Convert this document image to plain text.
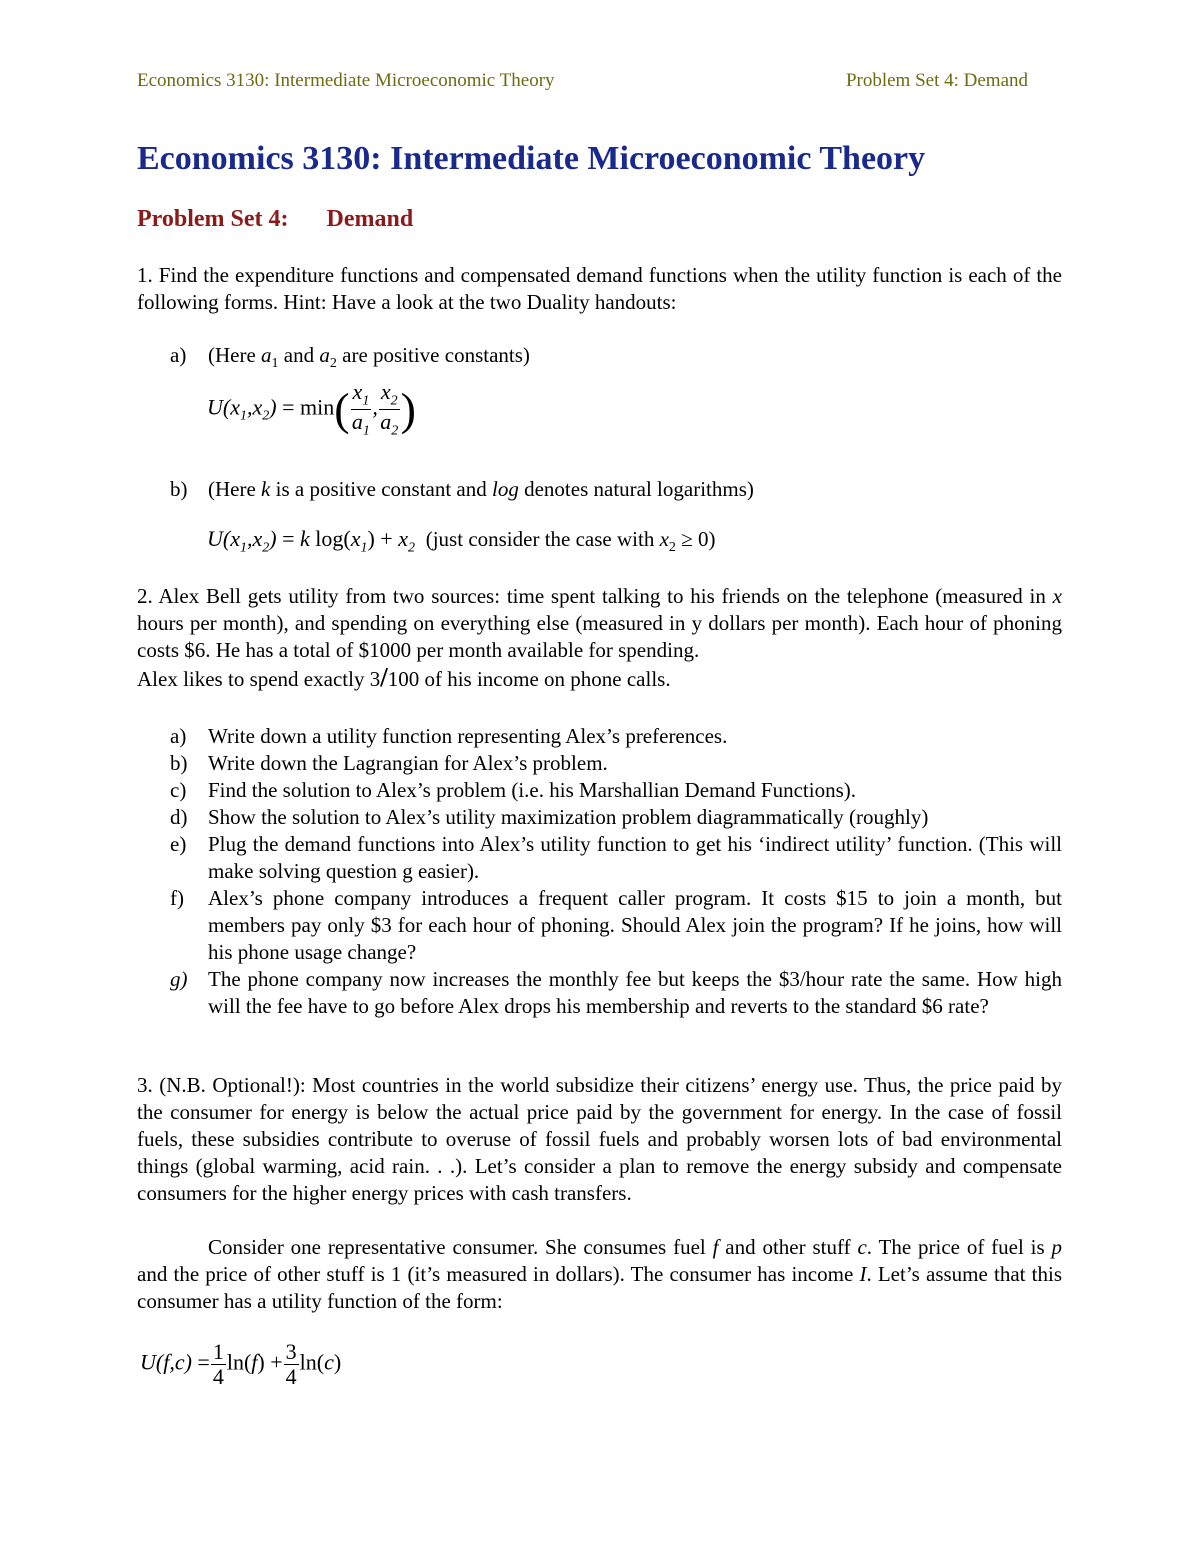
Economics 3130: Intermediate Microeconomic Theory	Problem Set 4: Demand
Economics 3130: Intermediate Microeconomic Theory
Problem Set 4: Demand

1. Find the expenditure functions and compensated demand functions when the utility function is each of the following forms. Hint: Have a look at the two Duality handouts:

a)	(Here $a_1$ and $a_2$ are positive constants)
$U(x_1,x_2) = \min( \frac{x_1}{a_1}$ , $\frac{x_2}{a_2}$ )
b) (Here k is a positive constant and log denotes natural logarithms)
$U(x_1,x_2) = k$ $\log(x_1) + x_2$ (just consider the case with $x_2 \ge 0$)

2. Alex Bell gets utility from two sources: time spent talking to his friends on the telephone (measured in x hours per month), and spending on everything else (measured in y dollars per month). Each hour of phoning costs $6. He has a total of $1000 per month available for spending.
Alex likes to spend exactly 3/100 of his income on phone calls.

a)	Write down a utility function representing Alex’s preferences.
b) Write down the Lagrangian for Alex’s problem.
c)	Find the solution to Alex’s problem (i.e. his Marshallian Demand Functions).
d) Show the solution to Alex’s utility maximization problem diagrammatically (roughly)
e)	Plug the demand functions into Alex’s utility function to get his ‘indirect utility’ function. (This will make solving question g easier).
f)	Alex’s phone company introduces a frequent caller program. It costs $15 to join a month, but members pay only $3 for each hour of phoning. Should Alex join the program? If he joins, how will his phone usage change?
g) The phone company now increases the monthly fee but keeps the $3/hour rate the same. How high will the fee have to go before Alex drops his membership and reverts to the standard $6 rate?

3. (N.B. Optional!): Most countries in the world subsidize their citizens’ energy use. Thus, the price paid by the consumer for energy is below the actual price paid by the government for energy. In the case of fossil fuels, these subsidies contribute to overuse of fossil fuels and probably worsen lots of bad environmental things (global warming, acid rain. . .). Let’s consider a plan to remove the energy subsidy and compensate consumers for the higher energy prices with cash transfers.

Consider one representative consumer. She consumes fuel f and other stuff c. The price of fuel is p and the price of other stuff is 1 (it’s measured in dollars). The consumer has income I. Let’s assume that this consumer has a utility function of the form:

$U(f,c) = \frac{1}{4} \ln(f) + \frac{3}{4} \ln(c)$
